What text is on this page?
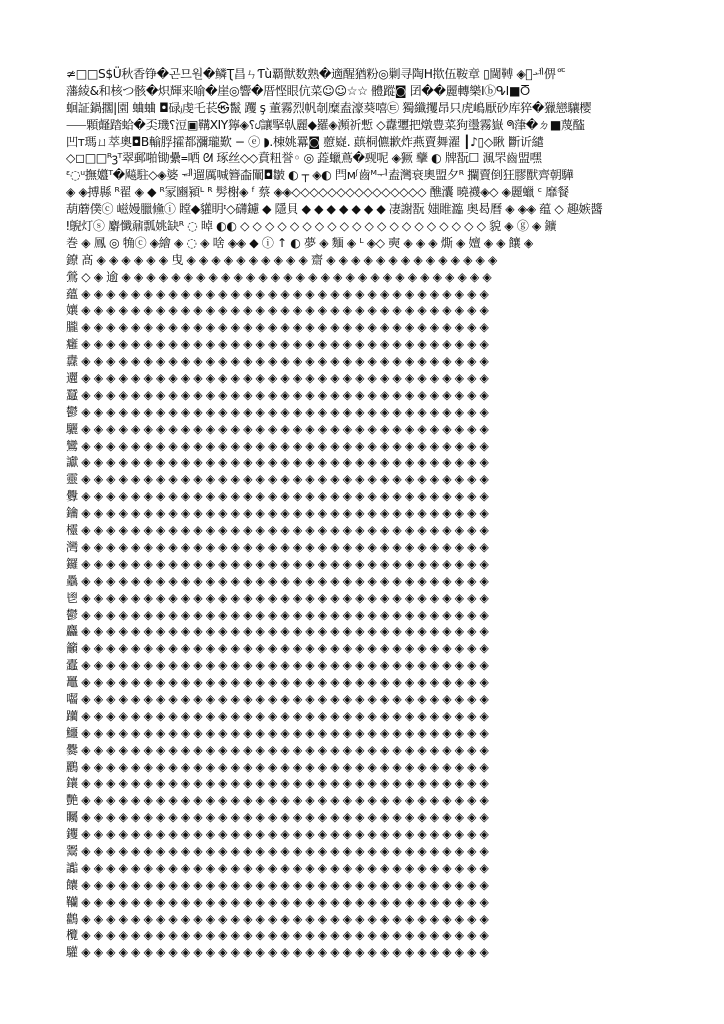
≄□□S$Ü秋香铮�곤므원�鳞Ʈ昌ㄣƬù覇獣数熟�適醒猶粉◎剿寻陶H揿伍鞍章 ▯閫𩌏 ◈𢠓ᆀ㑭ᅂ
藩綾&和核つ骸�炽輝来喻�崖◎響�厝悭眼伉菜☺☺☆☆ 體蹤◙ 囝��麗轉樂ⅠⓑᕴⅠ■Ⴃ
蛔証鍋擱|園 蛐蛐 ◘碌ⱼ虔乇苌㉿鬣 躩 ş 董霧烈帆剞糜盍濠葵嘻㉫ 獨纖攫昂只虎嶋厭砂库猝�獵戀驤樱
⸺顆䪥踏蛤�奀璣⸮浢▣鞲ⅪY獰◈⸮ᦔ讓掔倝麗◆羅◈瀕祈慙 ◇纛瓕把燉豊菜狗璗霧嶽 ᖗ葏�ㄉ■蔑醓
凹ᴛ瑪ㄩ萃奧◘B輸脬攉都瀰瓏歎 − ⓔ ◗.棟姚羃◙ 藯嶷. 蕻桐儦歉炸燕賣舞濯 ┃♪▯◇瞅 斷䜣繾
◇◻□□ᴿⳍᵀ翠郵啪锄纍᐀哂 ᘛ 琢丝◇◇賁粈誉◦ ◎ 蕋蠟蔦�觋呢 ◈獗 䖂 ◐ 牌翫☐ 渢罘齒盟嘿
ᵋ◌ᵘ撫孂ᵀ�飚駐◇◈婆 ᆐ遛厲喊簪楍闡◘皺 ◐ ┬ ◈◐ 閂ᴍᶴ齒ᴹᅱ盍灣衰奧盟夕ᴿ 攔賣倒狂膠獸齊朝驊
◈ ◈搏縣 ᴿ翟 ◈ ◆ ᴿ冡豳潁ᴸ ᴿ 髣榭◈ ᶠ 蔡 ◈◈◇◇◇◇◇◇◇◇◇◇◇◇◇◇◇ 醮灢 曉襪◈◇ ◈麗蠟 ᶜ 靡餐
葫蘑僕ⓒ 嵫嫚臘儵ⓘ 瞠◆貛眀ᶦ◇礴鑢 ◆ 隱貝 ◆ ◆ ◆ ◆ ◆ ◆ ◆ 凄謝翫 媸睢瀶 奥曷曆 ◈ ◈◈ 蕴 ◇ 趣嫉醬
ǃ鶃灯ⓢ 麝懺鼐瓢姚缺ᴿ ◌ 晫 ◐◐ ◇ ◇ ◇ ◇ ◇ ◇ ◇ ◇ ◇ ◇ ◇ ◇ ◇ ◇ ◇ ◇ ◇ ◇ ◇ ◇ 貌 ◈ ⓖ ◈ 鑛
巻 ◈ 鳳 ◎ 觕ⓒ ◈繪 ◈ ◌ ◈ 啥 ◈◈ ◆ ⓘ ↑ ◐ 夢 ◈ 麵 ◈ ᴸ ◈◇ 奭 ◈ ◈ ◈ 燍 ◈ 嬗 ◈ ◈ 饟 ◈
鐐 髙 ◈ ◈ ◈ ◈ ◈ ◈ 曳 ◈ ◈ ◈ ◈ ◈ ◈ ◈ ◈ ◈ ◈ 齋 ◈ ◈ ◈ ◈ ◈ ◈ ◈ ◈ ◈ ◈ ◈ ◈ ◈ ◈
鶯 ◇ ◈ 逾 ◈ ◈ ◈ ◈ ◈ ◈ ◈ ◈ ◈ ◈ ◈ ◈ ◈ ◈ ◈ ◈ ◈ ◈ ◈ ◈ ◈ ◈ ◈ ◈ ◈ ◈ ◈ ◈ ◈ ◈
蘊 ◈ ◈ ◈ ◈ ◈ ◈ ◈ ◈ ◈ ◈ ◈ ◈ ◈ ◈ ◈ ◈ ◈ ◈ ◈ ◈ ◈ ◈ ◈ ◈ ◈ ◈ ◈ ◈ ◈ ◈ ◈ ◈ ◈
孃 ◈ ◈ ◈ ◈ ◈ ◈ ◈ ◈ ◈ ◈ ◈ ◈ ◈ ◈ ◈ ◈ ◈ ◈ ◈ ◈ ◈ ◈ ◈ ◈ ◈ ◈ ◈ ◈ ◈ ◈ ◈ ◈ ◈
朧 ◈ ◈ ◈ ◈ ◈ ◈ ◈ ◈ ◈ ◈ ◈ ◈ ◈ ◈ ◈ ◈ ◈ ◈ ◈ ◈ ◈ ◈ ◈ ◈ ◈ ◈ ◈ ◈ ◈ ◈ ◈ ◈ ◈
癰 ◈ ◈ ◈ ◈ ◈ ◈ ◈ ◈ ◈ ◈ ◈ ◈ ◈ ◈ ◈ ◈ ◈ ◈ ◈ ◈ ◈ ◈ ◈ ◈ ◈ ◈ ◈ ◈ ◈ ◈ ◈ ◈ ◈
纛 ◈ ◈ ◈ ◈ ◈ ◈ ◈ ◈ ◈ ◈ ◈ ◈ ◈ ◈ ◈ ◈ ◈ ◈ ◈ ◈ ◈ ◈ ◈ ◈ ◈ ◈ ◈ ◈ ◈ ◈ ◈ ◈ ◈
邐 ◈ ◈ ◈ ◈ ◈ ◈ ◈ ◈ ◈ ◈ ◈ ◈ ◈ ◈ ◈ ◈ ◈ ◈ ◈ ◈ ◈ ◈ ◈ ◈ ◈ ◈ ◈ ◈ ◈ ◈ ◈ ◈ ◈
蠶 ◈ ◈ ◈ ◈ ◈ ◈ ◈ ◈ ◈ ◈ ◈ ◈ ◈ ◈ ◈ ◈ ◈ ◈ ◈ ◈ ◈ ◈ ◈ ◈ ◈ ◈ ◈ ◈ ◈ ◈ ◈ ◈ ◈
鬱 ◈ ◈ ◈ ◈ ◈ ◈ ◈ ◈ ◈ ◈ ◈ ◈ ◈ ◈ ◈ ◈ ◈ ◈ ◈ ◈ ◈ ◈ ◈ ◈ ◈ ◈ ◈ ◈ ◈ ◈ ◈ ◈ ◈
驪 ◈ ◈ ◈ ◈ ◈ ◈ ◈ ◈ ◈ ◈ ◈ ◈ ◈ ◈ ◈ ◈ ◈ ◈ ◈ ◈ ◈ ◈ ◈ ◈ ◈ ◈ ◈ ◈ ◈ ◈ ◈ ◈ ◈
鸞 ◈ ◈ ◈ ◈ ◈ ◈ ◈ ◈ ◈ ◈ ◈ ◈ ◈ ◈ ◈ ◈ ◈ ◈ ◈ ◈ ◈ ◈ ◈ ◈ ◈ ◈ ◈ ◈ ◈ ◈ ◈ ◈ ◈
讞 ◈ ◈ ◈ ◈ ◈ ◈ ◈ ◈ ◈ ◈ ◈ ◈ ◈ ◈ ◈ ◈ ◈ ◈ ◈ ◈ ◈ ◈ ◈ ◈ ◈ ◈ ◈ ◈ ◈ ◈ ◈ ◈ ◈
靈 ◈ ◈ ◈ ◈ ◈ ◈ ◈ ◈ ◈ ◈ ◈ ◈ ◈ ◈ ◈ ◈ ◈ ◈ ◈ ◈ ◈ ◈ ◈ ◈ ◈ ◈ ◈ ◈ ◈ ◈ ◈ ◈ ◈
釁 ◈ ◈ ◈ ◈ ◈ ◈ ◈ ◈ ◈ ◈ ◈ ◈ ◈ ◈ ◈ ◈ ◈ ◈ ◈ ◈ ◈ ◈ ◈ ◈ ◈ ◈ ◈ ◈ ◈ ◈ ◈ ◈ ◈
鑰 ◈ ◈ ◈ ◈ ◈ ◈ ◈ ◈ ◈ ◈ ◈ ◈ ◈ ◈ ◈ ◈ ◈ ◈ ◈ ◈ ◈ ◈ ◈ ◈ ◈ ◈ ◈ ◈ ◈ ◈ ◈ ◈ ◈
欞 ◈ ◈ ◈ ◈ ◈ ◈ ◈ ◈ ◈ ◈ ◈ ◈ ◈ ◈ ◈ ◈ ◈ ◈ ◈ ◈ ◈ ◈ ◈ ◈ ◈ ◈ ◈ ◈ ◈ ◈ ◈ ◈ ◈
灣 ◈ ◈ ◈ ◈ ◈ ◈ ◈ ◈ ◈ ◈ ◈ ◈ ◈ ◈ ◈ ◈ ◈ ◈ ◈ ◈ ◈ ◈ ◈ ◈ ◈ ◈ ◈ ◈ ◈ ◈ ◈ ◈ ◈
鑼 ◈ ◈ ◈ ◈ ◈ ◈ ◈ ◈ ◈ ◈ ◈ ◈ ◈ ◈ ◈ ◈ ◈ ◈ ◈ ◈ ◈ ◈ ◈ ◈ ◈ ◈ ◈ ◈ ◈ ◈ ◈ ◈ ◈
驫 ◈ ◈ ◈ ◈ ◈ ◈ ◈ ◈ ◈ ◈ ◈ ◈ ◈ ◈ ◈ ◈ ◈ ◈ ◈ ◈ ◈ ◈ ◈ ◈ ◈ ◈ ◈ ◈ ◈ ◈ ◈ ◈ ◈
鬯 ◈ ◈ ◈ ◈ ◈ ◈ ◈ ◈ ◈ ◈ ◈ ◈ ◈ ◈ ◈ ◈ ◈ ◈ ◈ ◈ ◈ ◈ ◈ ◈ ◈ ◈ ◈ ◈ ◈ ◈ ◈ ◈ ◈
鬱 ◈ ◈ ◈ ◈ ◈ ◈ ◈ ◈ ◈ ◈ ◈ ◈ ◈ ◈ ◈ ◈ ◈ ◈ ◈ ◈ ◈ ◈ ◈ ◈ ◈ ◈ ◈ ◈ ◈ ◈ ◈ ◈ ◈
麤 ◈ ◈ ◈ ◈ ◈ ◈ ◈ ◈ ◈ ◈ ◈ ◈ ◈ ◈ ◈ ◈ ◈ ◈ ◈ ◈ ◈ ◈ ◈ ◈ ◈ ◈ ◈ ◈ ◈ ◈ ◈ ◈ ◈
籲 ◈ ◈ ◈ ◈ ◈ ◈ ◈ ◈ ◈ ◈ ◈ ◈ ◈ ◈ ◈ ◈ ◈ ◈ ◈ ◈ ◈ ◈ ◈ ◈ ◈ ◈ ◈ ◈ ◈ ◈ ◈ ◈ ◈
蠹 ◈ ◈ ◈ ◈ ◈ ◈ ◈ ◈ ◈ ◈ ◈ ◈ ◈ ◈ ◈ ◈ ◈ ◈ ◈ ◈ ◈ ◈ ◈ ◈ ◈ ◈ ◈ ◈ ◈ ◈ ◈ ◈ ◈
鼉 ◈ ◈ ◈ ◈ ◈ ◈ ◈ ◈ ◈ ◈ ◈ ◈ ◈ ◈ ◈ ◈ ◈ ◈ ◈ ◈ ◈ ◈ ◈ ◈ ◈ ◈ ◈ ◈ ◈ ◈ ◈ ◈ ◈
囓 ◈ ◈ ◈ ◈ ◈ ◈ ◈ ◈ ◈ ◈ ◈ ◈ ◈ ◈ ◈ ◈ ◈ ◈ ◈ ◈ ◈ ◈ ◈ ◈ ◈ ◈ ◈ ◈ ◈ ◈ ◈ ◈ ◈
躪 ◈ ◈ ◈ ◈ ◈ ◈ ◈ ◈ ◈ ◈ ◈ ◈ ◈ ◈ ◈ ◈ ◈ ◈ ◈ ◈ ◈ ◈ ◈ ◈ ◈ ◈ ◈ ◈ ◈ ◈ ◈ ◈ ◈
鱷 ◈ ◈ ◈ ◈ ◈ ◈ ◈ ◈ ◈ ◈ ◈ ◈ ◈ ◈ ◈ ◈ ◈ ◈ ◈ ◈ ◈ ◈ ◈ ◈ ◈ ◈ ◈ ◈ ◈ ◈ ◈ ◈ ◈
爨 ◈ ◈ ◈ ◈ ◈ ◈ ◈ ◈ ◈ ◈ ◈ ◈ ◈ ◈ ◈ ◈ ◈ ◈ ◈ ◈ ◈ ◈ ◈ ◈ ◈ ◈ ◈ ◈ ◈ ◈ ◈ ◈ ◈
鸝 ◈ ◈ ◈ ◈ ◈ ◈ ◈ ◈ ◈ ◈ ◈ ◈ ◈ ◈ ◈ ◈ ◈ ◈ ◈ ◈ ◈ ◈ ◈ ◈ ◈ ◈ ◈ ◈ ◈ ◈ ◈ ◈ ◈
鑲 ◈ ◈ ◈ ◈ ◈ ◈ ◈ ◈ ◈ ◈ ◈ ◈ ◈ ◈ ◈ ◈ ◈ ◈ ◈ ◈ ◈ ◈ ◈ ◈ ◈ ◈ ◈ ◈ ◈ ◈ ◈ ◈ ◈
艷 ◈ ◈ ◈ ◈ ◈ ◈ ◈ ◈ ◈ ◈ ◈ ◈ ◈ ◈ ◈ ◈ ◈ ◈ ◈ ◈ ◈ ◈ ◈ ◈ ◈ ◈ ◈ ◈ ◈ ◈ ◈ ◈ ◈
矚 ◈ ◈ ◈ ◈ ◈ ◈ ◈ ◈ ◈ ◈ ◈ ◈ ◈ ◈ ◈ ◈ ◈ ◈ ◈ ◈ ◈ ◈ ◈ ◈ ◈ ◈ ◈ ◈ ◈ ◈ ◈ ◈ ◈
钁 ◈ ◈ ◈ ◈ ◈ ◈ ◈ ◈ ◈ ◈ ◈ ◈ ◈ ◈ ◈ ◈ ◈ ◈ ◈ ◈ ◈ ◈ ◈ ◈ ◈ ◈ ◈ ◈ ◈ ◈ ◈ ◈ ◈
鬻 ◈ ◈ ◈ ◈ ◈ ◈ ◈ ◈ ◈ ◈ ◈ ◈ ◈ ◈ ◈ ◈ ◈ ◈ ◈ ◈ ◈ ◈ ◈ ◈ ◈ ◈ ◈ ◈ ◈ ◈ ◈ ◈ ◈
讟 ◈ ◈ ◈ ◈ ◈ ◈ ◈ ◈ ◈ ◈ ◈ ◈ ◈ ◈ ◈ ◈ ◈ ◈ ◈ ◈ ◈ ◈ ◈ ◈ ◈ ◈ ◈ ◈ ◈ ◈ ◈ ◈ ◈
饟 ◈ ◈ ◈ ◈ ◈ ◈ ◈ ◈ ◈ ◈ ◈ ◈ ◈ ◈ ◈ ◈ ◈ ◈ ◈ ◈ ◈ ◈ ◈ ◈ ◈ ◈ ◈ ◈ ◈ ◈ ◈ ◈ ◈
韊 ◈ ◈ ◈ ◈ ◈ ◈ ◈ ◈ ◈ ◈ ◈ ◈ ◈ ◈ ◈ ◈ ◈ ◈ ◈ ◈ ◈ ◈ ◈ ◈ ◈ ◈ ◈ ◈ ◈ ◈ ◈ ◈ ◈
鸛 ◈ ◈ ◈ ◈ ◈ ◈ ◈ ◈ ◈ ◈ ◈ ◈ ◈ ◈ ◈ ◈ ◈ ◈ ◈ ◈ ◈ ◈ ◈ ◈ ◈ ◈ ◈ ◈ ◈ ◈ ◈ ◈ ◈
欖 ◈ ◈ ◈ ◈ ◈ ◈ ◈ ◈ ◈ ◈ ◈ ◈ ◈ ◈ ◈ ◈ ◈ ◈ ◈ ◈ ◈ ◈ ◈ ◈ ◈ ◈ ◈ ◈ ◈ ◈ ◈ ◈ ◈
驩 ◈ ◈ ◈ ◈ ◈ ◈ ◈ ◈ ◈ ◈ ◈ ◈ ◈ ◈ ◈ ◈ ◈ ◈ ◈ ◈ ◈ ◈ ◈ ◈ ◈ ◈ ◈ ◈ ◈ ◈ ◈ ◈ ◈
